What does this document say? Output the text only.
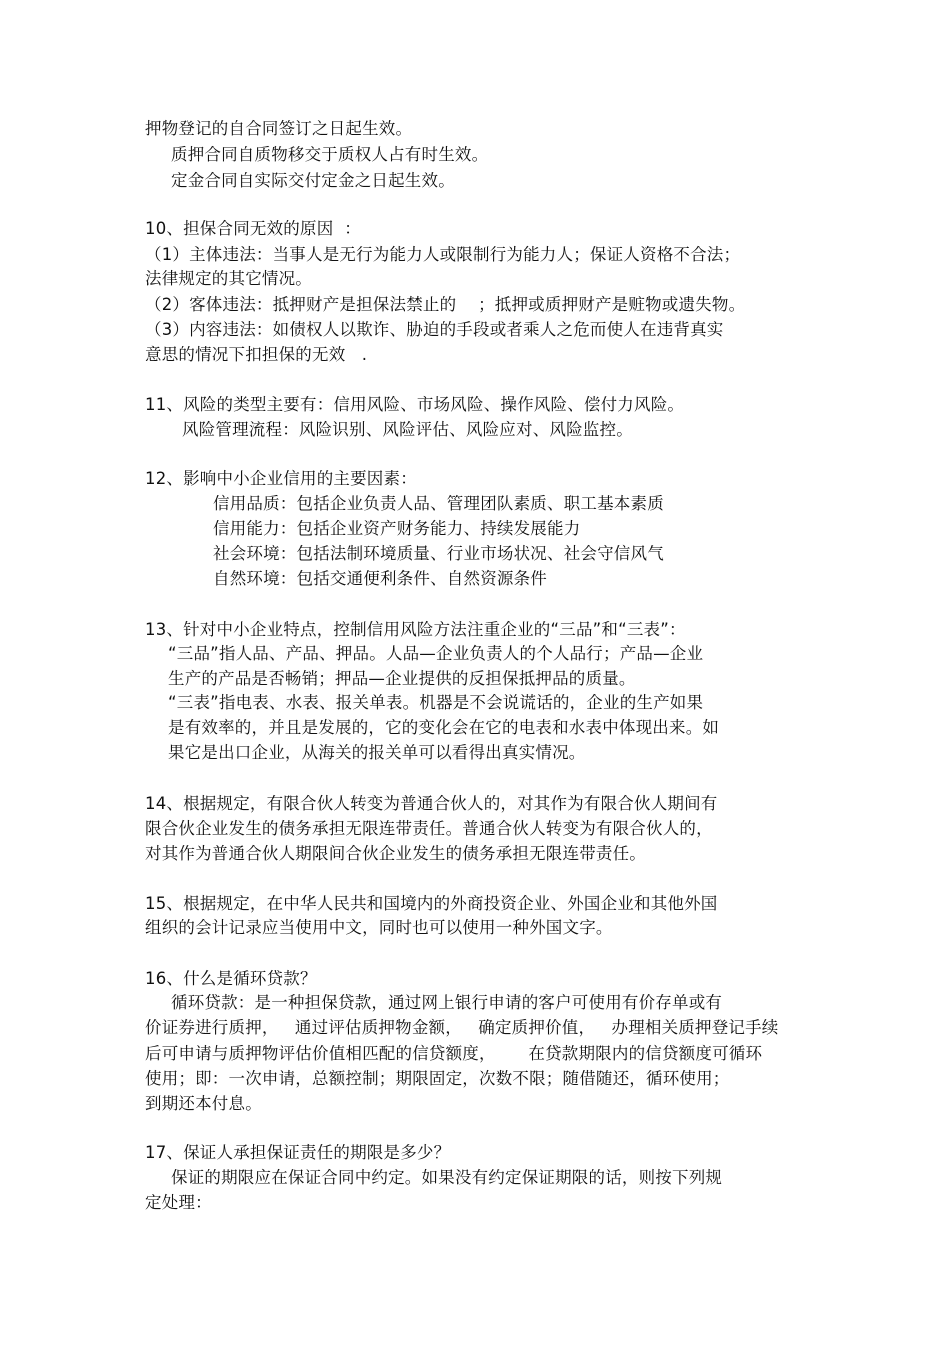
押物登记的自合同签订之日起生效。
质押合同自质物移交于质权人占有时生效。
定金合同自实际交付定金之日起生效。
10、担保合同无效的原因  ：
（1）主体违法：当事人是无行为能力人或限制行为能力人；保证人资格不合法；
法律规定的其它情况。
（2）客体违法：抵押财产是担保法禁止的    ；抵押或质押财产是赃物或遗失物。
（3）内容违法：如债权人以欺诈、胁迫的手段或者乘人之危而使人在违背真实
意思的情况下扣担保的无效   .
11、风险的类型主要有：信用风险、市场风险、操作风险、偿付力风险。
风险管理流程：风险识别、风险评估、风险应对、风险监控。
12、影响中小企业信用的主要因素：
信用品质：包括企业负责人品、管理团队素质、职工基本素质
信用能力：包括企业资产财务能力、持续发展能力
社会环境：包括法制环境质量、行业市场状况、社会守信风气
自然环境：包括交通便利条件、自然资源条件
13、针对中小企业特点，控制信用风险方法注重企业的“三品”和“三表”：
“三品”指人品、产品、押品。人品—企业负责人的个人品行；产品—企业
生产的产品是否畅销；押品—企业提供的反担保抵押品的质量。
“三表”指电表、水表、报关单表。机器是不会说谎话的，企业的生产如果
是有效率的，并且是发展的，它的变化会在它的电表和水表中体现出来。如
果它是出口企业，从海关的报关单可以看得出真实情况。
14、根据规定，有限合伙人转变为普通合伙人的，对其作为有限合伙人期间有
限合伙企业发生的债务承担无限连带责任。普通合伙人转变为有限合伙人的，
对其作为普通合伙人期限间合伙企业发生的债务承担无限连带责任。
15、根据规定，在中华人民共和国境内的外商投资企业、外国企业和其他外国
组织的会计记录应当使用中文，同时也可以使用一种外国文字。
16、什么是循环贷款？
循环贷款：是一种担保贷款，通过网上银行申请的客户可使用有价存单或有
价证券进行质押，   通过评估质押物金额，   确定质押价值，   办理相关质押登记手续
后可申请与质押物评估价值相匹配的信贷额度，      在贷款期限内的信贷额度可循环
使用；即：一次申请，总额控制；期限固定，次数不限；随借随还，循环使用；
到期还本付息。
17、保证人承担保证责任的期限是多少？
保证的期限应在保证合同中约定。如果没有约定保证期限的话，则按下列规
定处理：
